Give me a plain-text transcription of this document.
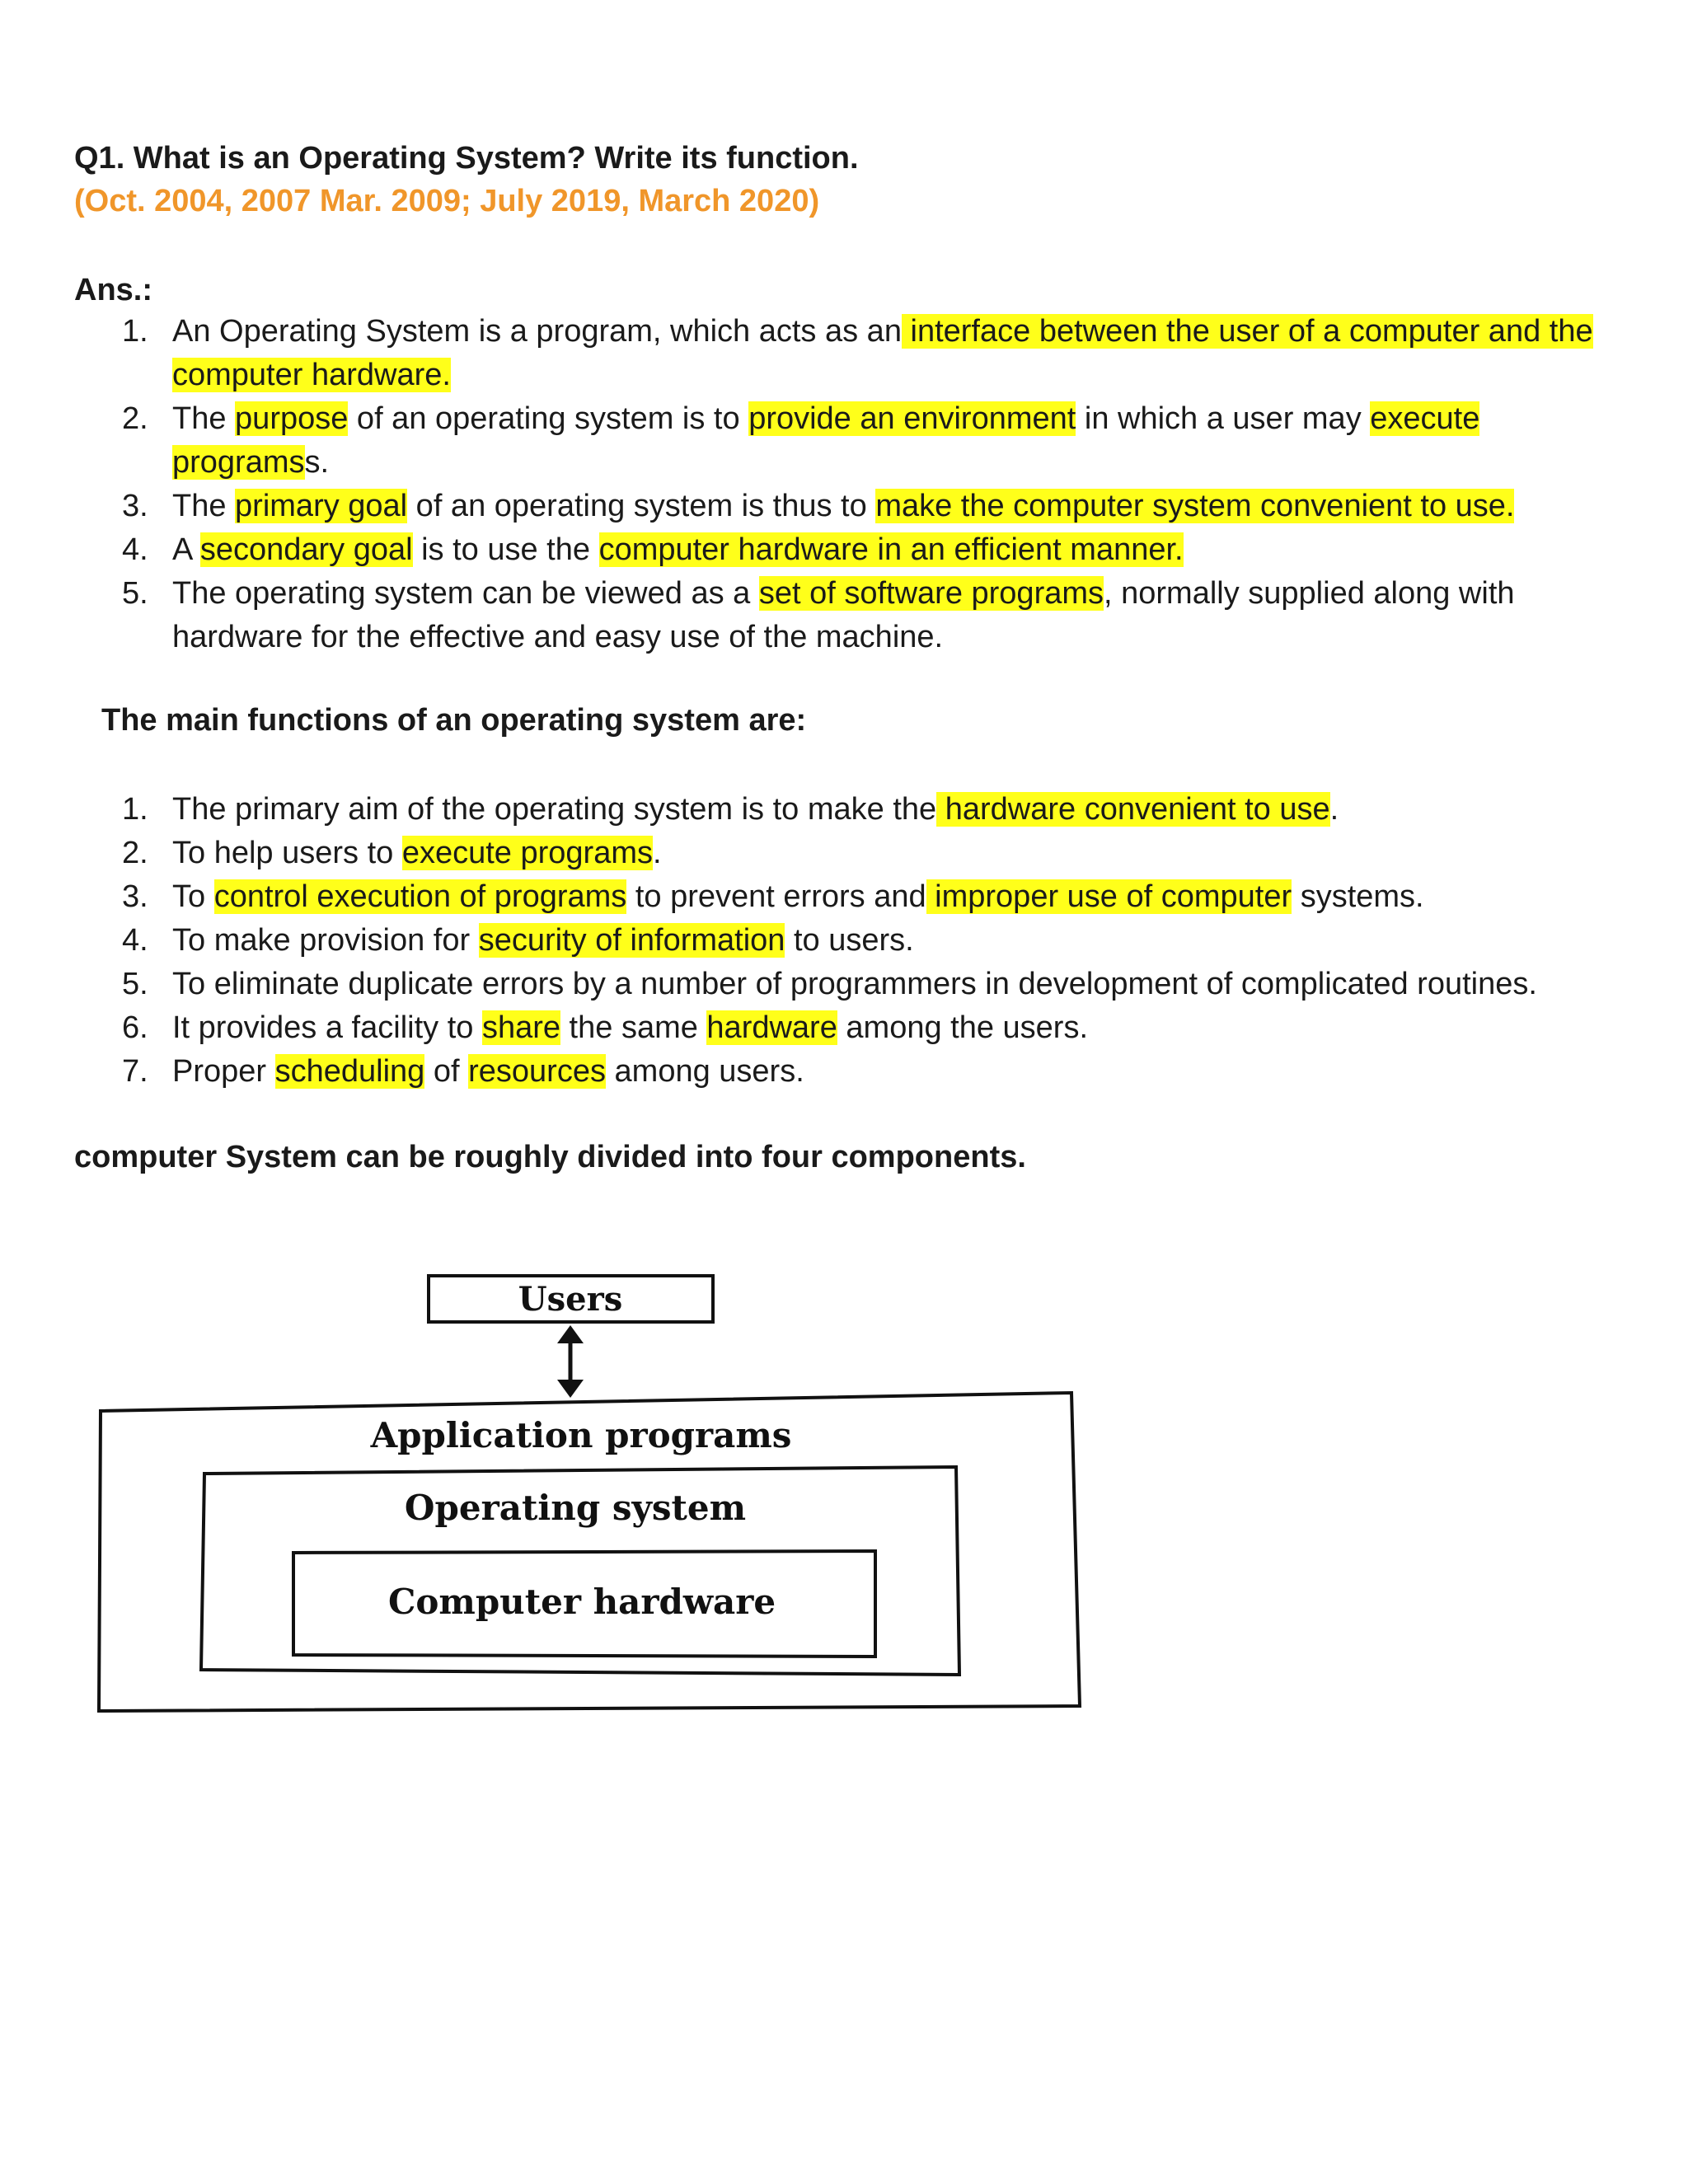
Q1. What is an Operating System? Write its function.

(Oct. 2004, 2007 Mar. 2009; July 2019, March 2020)

Ans.:

1. An Operating System is a program, which acts as an interface between the user of a computer and the computer hardware.
2. The purpose of an operating system is to provide an environment in which a user may execute programss.
3. The primary goal of an operating system is thus to make the computer system convenient to use.
4. A secondary goal is to use the computer hardware in an efficient manner.
5. The operating system can be viewed as a set of software programs, normally supplied along with hardware for the effective and easy use of the machine.
The main functions of an operating system are:
1. The primary aim of the operating system is to make the hardware convenient to use.
2. To help users to execute programs.
3. To control execution of programs to prevent errors and improper use of computer systems.
4. To make provision for security of information to users.
5. To eliminate duplicate errors by a number of programmers in development of complicated routines.
6. It provides a facility to share the same hardware among the users.
7. Proper scheduling of resources among users.
computer System can be roughly divided into four components.
Users
Application programs
Operating system
Computer hardware
